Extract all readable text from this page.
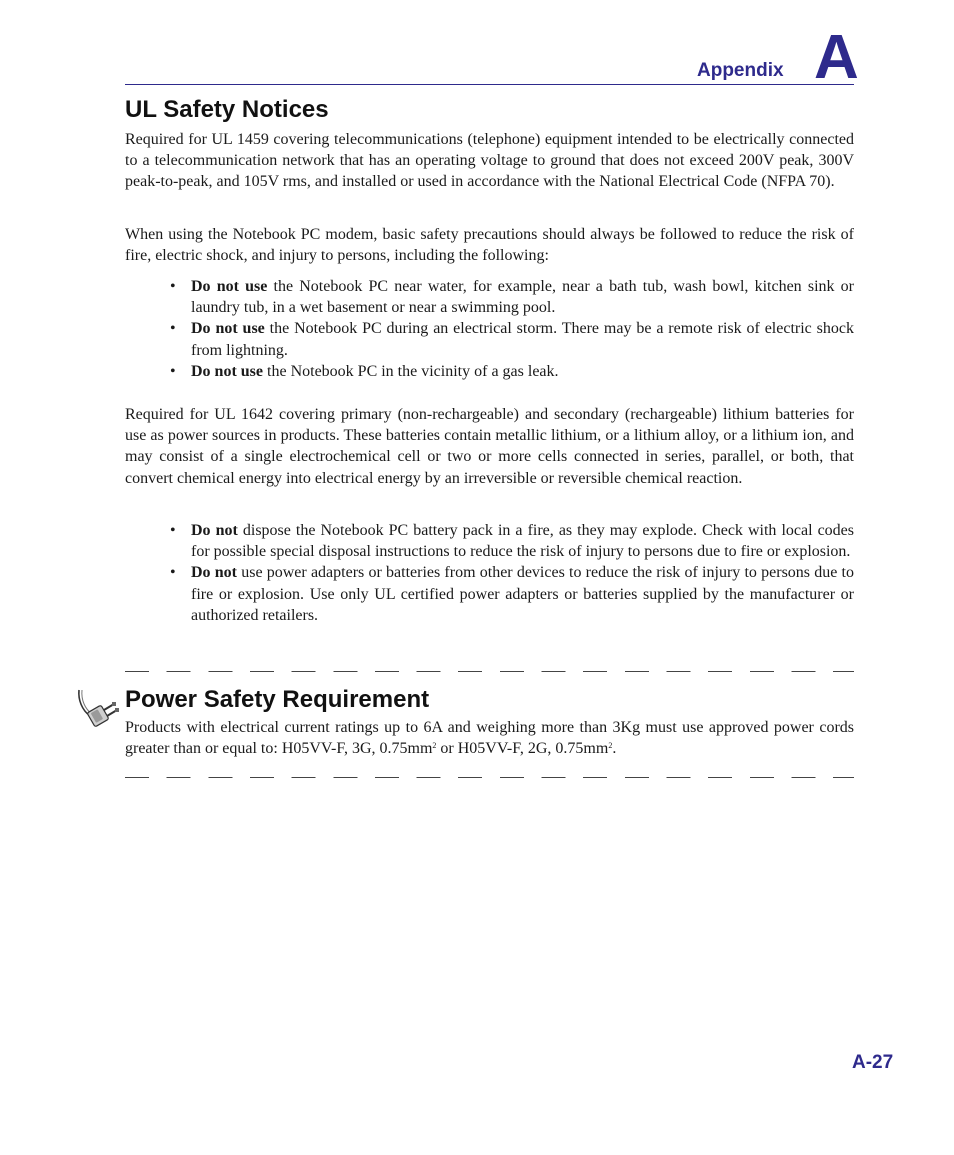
Appendix A
UL Safety Notices

Required for UL 1459 covering telecommunications (telephone) equipment intended to be electrically connected to a telecommunication network that has an operating voltage to ground that does not exceed 200V peak, 300V peak-to-peak, and 105V rms, and installed or used in accordance with the National Electrical Code (NFPA 70).

When using the Notebook PC modem, basic safety precautions should always be followed to reduce the risk of fire, electric shock, and injury to persons, including the following:

• Do not use the Notebook PC near water, for example, near a bath tub, wash bowl, kitchen sink or laundry tub, in a wet basement or near a swimming pool.
• Do not use the Notebook PC during an electrical storm. There may be a remote risk of electric shock from lightning.
• Do not use the Notebook PC in the vicinity of a gas leak.

Required for UL 1642 covering primary (non-rechargeable) and secondary (rechargeable) lithium batteries for use as power sources in products. These batteries contain metallic lithium, or a lithium alloy, or a lithium ion, and may consist of a single electrochemical cell or two or more cells connected in series, parallel, or both, that convert chemical energy into electrical energy by an irreversible or reversible chemical reaction.

• Do not dispose the Notebook PC battery pack in a fire, as they may explode. Check with local codes for possible special disposal instructions to reduce the risk of injury to persons due to fire or explosion.
• Do not use power adapters or batteries from other devices to reduce the risk of injury to persons due to fire or explosion. Use only UL certified power adapters or batteries supplied by the manufacturer or authorized retailers.
Power Safety Requirement

Products with electrical current ratings up to 6A and weighing more than 3Kg must use approved power cords greater than or equal to: H05VV-F, 3G, $0.75mm^2$ or H05VV-F, 2G, $0.75mm^2$.

A-27
